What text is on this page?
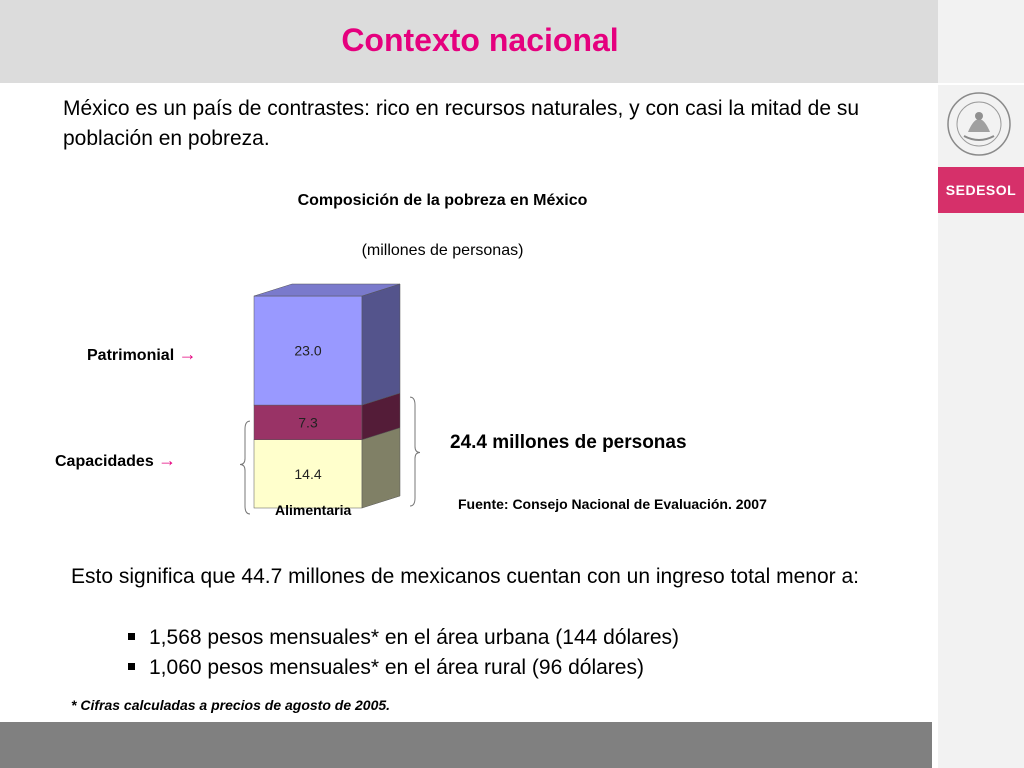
Contexto nacional
SEDESOL
México es un país de contrastes: rico en recursos naturales, y con casi la mitad de su población en pobreza.
Composición de la pobreza en México
(millones de personas)
14.4
7.3
23.0
Patrimonial →
Capacidades →
Alimentaria
24.4 millones de personas
Fuente: Consejo Nacional de Evaluación. 2007
Esto significa que 44.7 millones de mexicanos cuentan con un ingreso total menor a:
1,568 pesos mensuales* en el área urbana (144 dólares)
1,060 pesos mensuales* en el área rural (96 dólares)
* Cifras calculadas a precios de agosto de 2005.
